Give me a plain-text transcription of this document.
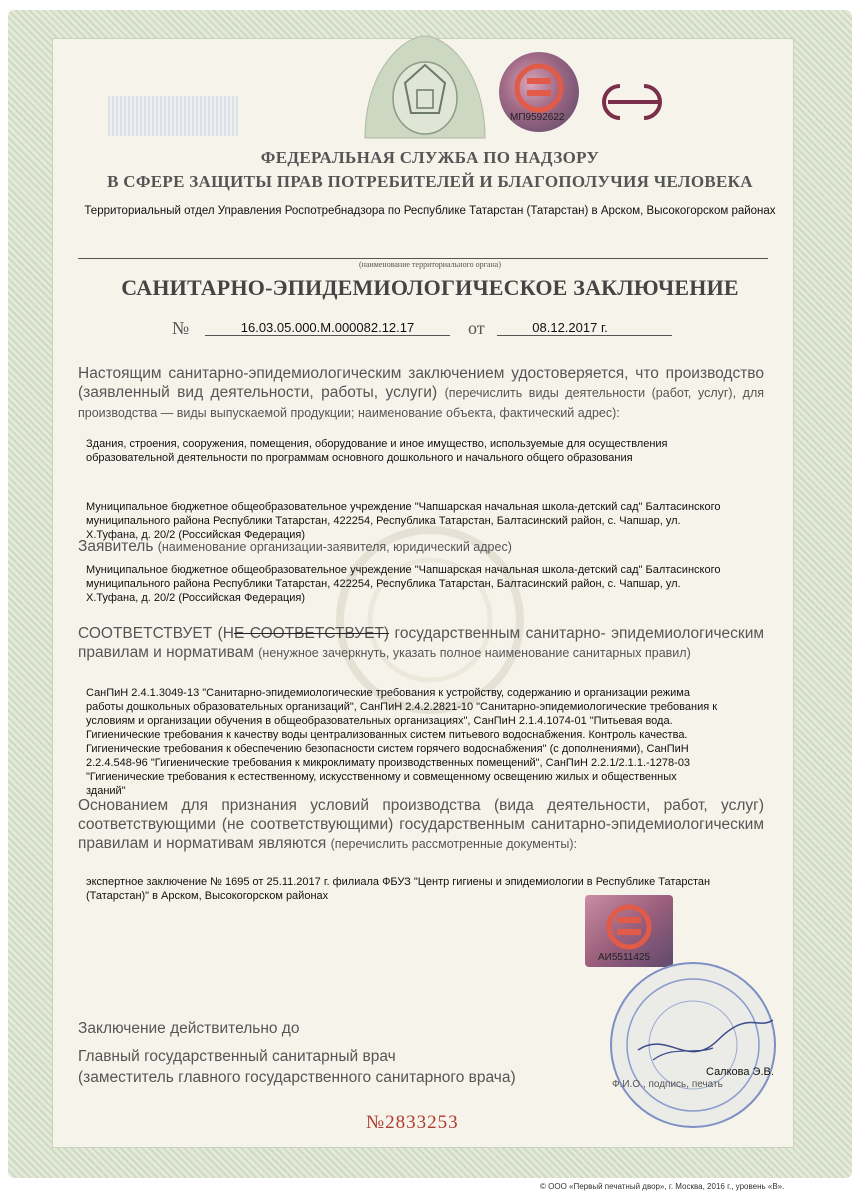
МП9592622
ФЕДЕРАЛЬНАЯ СЛУЖБА ПО НАДЗОРУ
В СФЕРЕ ЗАЩИТЫ ПРАВ ПОТРЕБИТЕЛЕЙ И БЛАГОПОЛУЧИЯ ЧЕЛОВЕКА
Территориальный отдел Управления Роспотребнадзора по Республике Татарстан (Татарстан) в Арском, Высокогорском районах
(наименование территориального органа)
САНИТАРНО-ЭПИДЕМИОЛОГИЧЕСКОЕ ЗАКЛЮЧЕНИЕ
№	16.03.05.000.М.000082.12.17	от	08.12.2017 г.
Настоящим санитарно-эпидемиологическим заключением удостоверяется, что производство (заявленный вид деятельности, работы, услуги) (перечислить виды деятельности (работ, услуг), для производства — виды выпускаемой продукции; наименование объекта, фактический адрес):
Здания, строения, сооружения, помещения, оборудование и иное имущество, используемые для осуществления
образовательной деятельности по программам основного дошкольного и начального общего образования
Муниципальное бюджетное общеобразовательное учреждение "Чапшарская начальная школа-детский сад" Балтасинского
муниципального района Республики Татарстан, 422254, Республика Татарстан, Балтасинский район, с. Чапшар, ул.
Х.Туфана, д. 20/2 (Российская Федерация)
Заявитель (наименование организации-заявителя, юридический адрес)
Муниципальное бюджетное общеобразовательное учреждение "Чапшарская начальная школа-детский сад" Балтасинского
муниципального района Республики Татарстан, 422254, Республика Татарстан, Балтасинский район, с. Чапшар, ул.
Х.Туфана, д. 20/2 (Российская Федерация)
СООТВЕТСТВУЕТ (НЕ СООТВЕТСТВУЕТ) государственным санитарно- эпидемиологическим правилам и нормативам (ненужное зачеркнуть, указать полное наименование санитарных правил)
СанПиН 2.4.1.3049-13 "Санитарно-эпидемиологические требования к устройству, содержанию и организации режима
работы дошкольных образовательных организаций", СанПиН 2.4.2.2821-10 "Санитарно-эпидемиологические требования к
условиям и организации обучения в общеобразовательных организациях", СанПиН 2.1.4.1074-01 "Питьевая вода.
Гигиенические требования к качеству воды централизованных систем питьевого водоснабжения. Контроль качества.
Гигиенические требования к обеспечению безопасности систем горячего водоснабжения" (с дополнениями), СанПиН
2.2.4.548-96 "Гигиенические требования к микроклимату производственных помещений", СанПиН 2.2.1/2.1.1.-1278-03
"Гигиенические требования к естественному, искусственному и совмещенному освещению жилых и общественных
зданий"
Основанием для признания условий производства (вида деятельности, работ, услуг) соответствующими (не соответствующими) государственным санитарно-эпидемиологическим правилам и нормативам являются (перечислить рассмотренные документы):
экспертное заключение № 1695 от 25.11.2017 г. филиала ФБУЗ "Центр гигиены и эпидемиологии в Республике Татарстан
(Татарстан)" в Арском, Высокогорском районах
АИ5511425
Заключение действительно до
Главный государственный санитарный врач
(заместитель главного государственного санитарного врача)	Салкова Э.В.
Ф.И.О., подпись, печать
№2833253
© ООО «Первый печатный двор», г. Москва, 2016 г., уровень «В».
